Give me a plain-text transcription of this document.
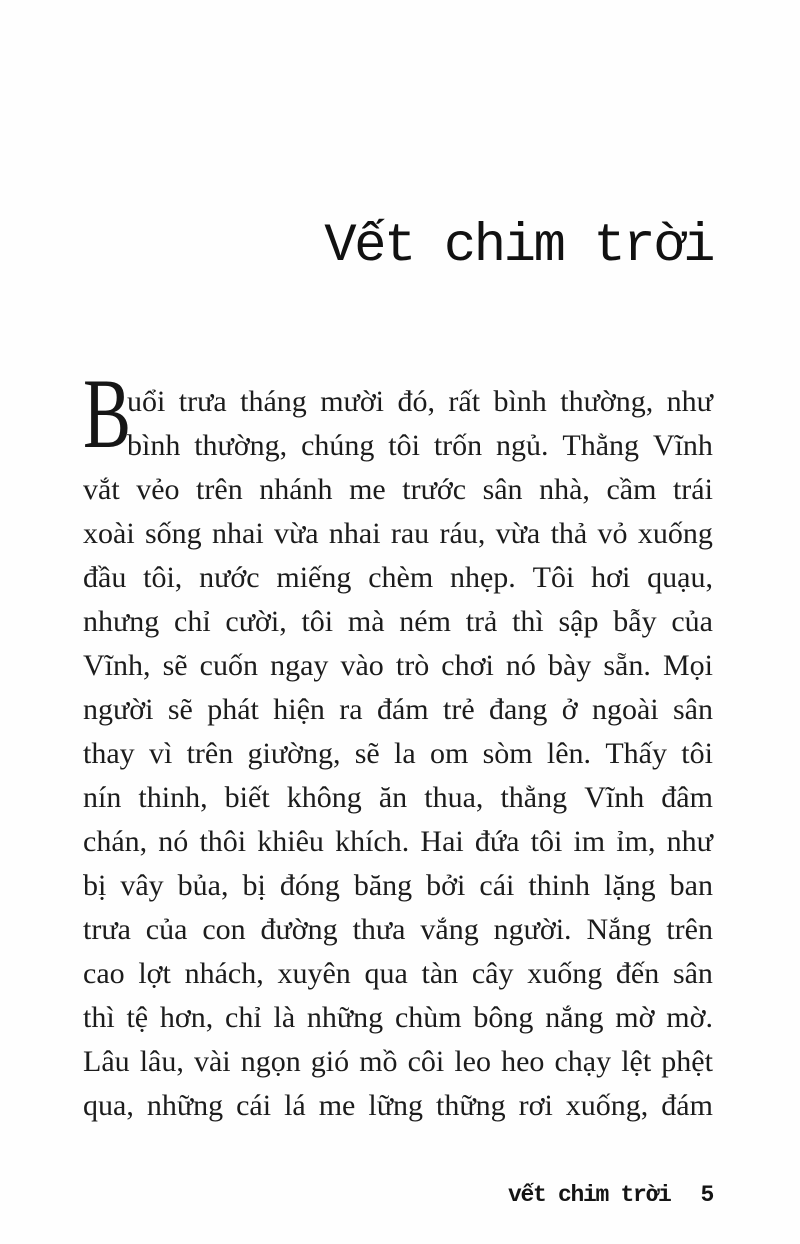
Vết chim trời
B
uổi trưa tháng mười đó, rất bình thường, như
bình thường, chúng tôi trốn ngủ. Thằng Vĩnh
vắt vẻo trên nhánh me trước sân nhà, cầm trái
xoài sống nhai vừa nhai rau ráu, vừa thả vỏ xuống
đầu tôi, nước miếng chèm nhẹp. Tôi hơi quạu,
nhưng chỉ cười, tôi mà ném trả thì sập bẫy của
Vĩnh, sẽ cuốn ngay vào trò chơi nó bày sẵn. Mọi
người sẽ phát hiện ra đám trẻ đang ở ngoài sân
thay vì trên giường, sẽ la om sòm lên. Thấy tôi
nín thinh, biết không ăn thua, thằng Vĩnh đâm
chán, nó thôi khiêu khích. Hai đứa tôi im ỉm, như
bị vây bủa, bị đóng băng bởi cái thinh lặng ban
trưa của con đường thưa vắng người. Nắng trên
cao lợt nhách, xuyên qua tàn cây xuống đến sân
thì tệ hơn, chỉ là những chùm bông nắng mờ mờ.
Lâu lâu, vài ngọn gió mồ côi leo heo chạy lệt phệt
qua, những cái lá me lững thững rơi xuống, đám
vết chim trời 5
